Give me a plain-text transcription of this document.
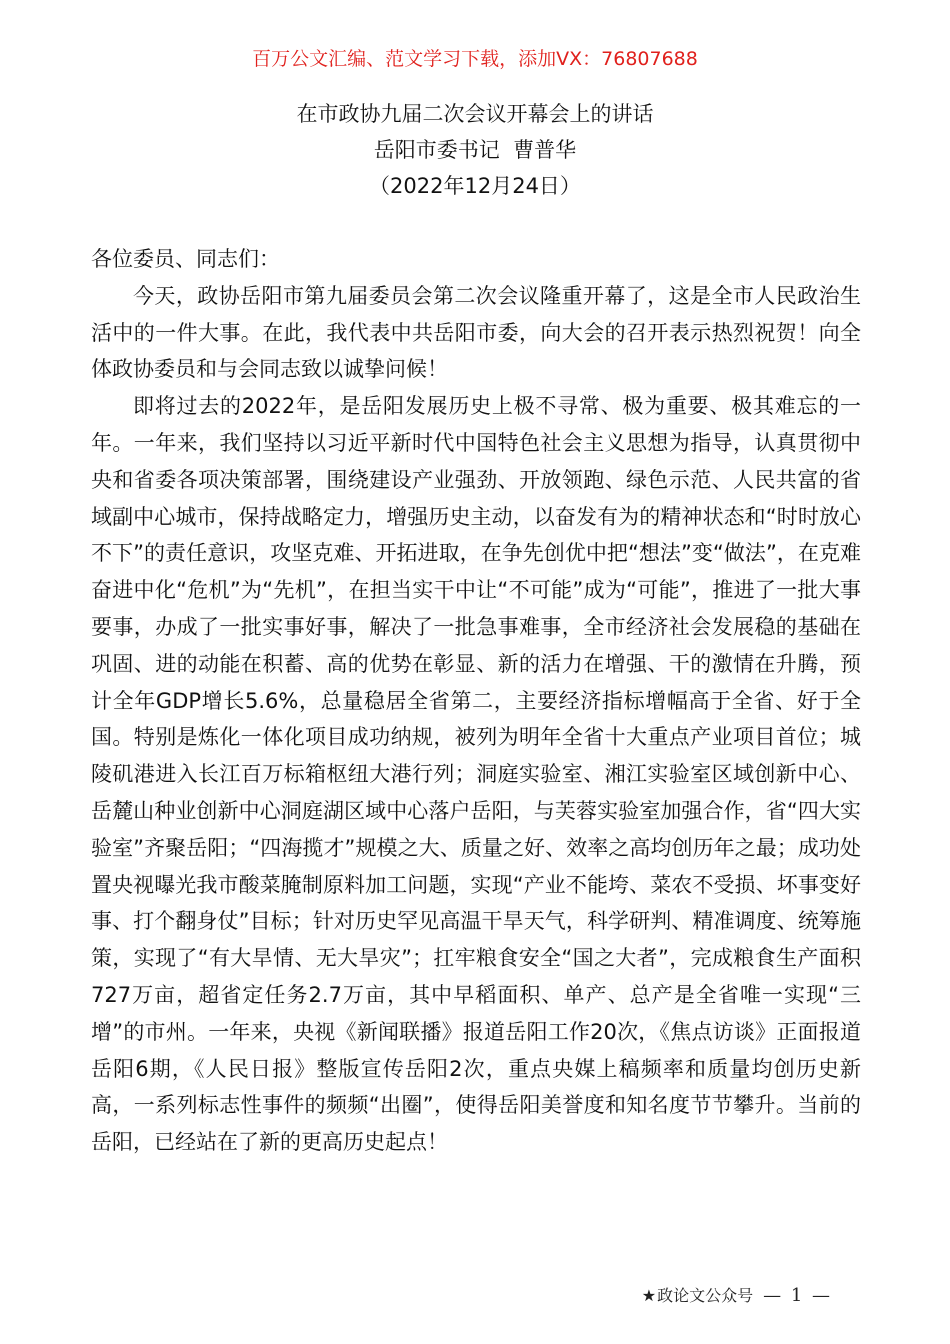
百万公文汇编、范文学习下载，添加VX：76807688
在市政协九届二次会议开幕会上的讲话
岳阳市委书记  曹普华
（2022年12月24日）

各位委员、同志们：

今天，政协岳阳市第九届委员会第二次会议隆重开幕了，这是全市人民政治生活中的一件大事。在此，我代表中共岳阳市委，向大会的召开表示热烈祝贺！向全体政协委员和与会同志致以诚挚问候！

即将过去的2022年，是岳阳发展历史上极不寻常、极为重要、极其难忘的一年。一年来，我们坚持以习近平新时代中国特色社会主义思想为指导，认真贯彻中央和省委各项决策部署，围绕建设产业强劲、开放领跑、绿色示范、人民共富的省域副中心城市，保持战略定力，增强历史主动，以奋发有为的精神状态和“时时放心不下”的责任意识，攻坚克难、开拓进取，在争先创优中把“想法”变“做法”，在克难奋进中化“危机”为“先机”，在担当实干中让“不可能”成为“可能”，推进了一批大事要事，办成了一批实事好事，解决了一批急事难事，全市经济社会发展稳的基础在巩固、进的动能在积蓄、高的优势在彰显、新的活力在增强、干的激情在升腾，预计全年GDP增长5.6%，总量稳居全省第二，主要经济指标增幅高于全省、好于全国。特别是炼化一体化项目成功纳规，被列为明年全省十大重点产业项目首位；城陵矶港进入长江百万标箱枢纽大港行列；洞庭实验室、湘江实验室区域创新中心、岳麓山种业创新中心洞庭湖区域中心落户岳阳，与芙蓉实验室加强合作，省“四大实验室”齐聚岳阳；“四海揽才”规模之大、质量之好、效率之高均创历年之最；成功处置央视曝光我市酸菜腌制原料加工问题，实现“产业不能垮、菜农不受损、坏事变好事、打个翻身仗”目标；针对历史罕见高温干旱天气，科学研判、精准调度、统筹施策，实现了“有大旱情、无大旱灾”；扛牢粮食安全“国之大者”，完成粮食生产面积727万亩，超省定任务2.7万亩，其中早稻面积、单产、总产是全省唯一实现“三增”的市州。一年来，央视《新闻联播》报道岳阳工作20次，《焦点访谈》正面报道岳阳6期，《人民日报》整版宣传岳阳2次，重点央媒上稿频率和质量均创历史新高，一系列标志性事件的频频“出圈”，使得岳阳美誉度和知名度节节攀升。当前的岳阳，已经站在了新的更高历史起点！

★政论文公众号 — 1 —
